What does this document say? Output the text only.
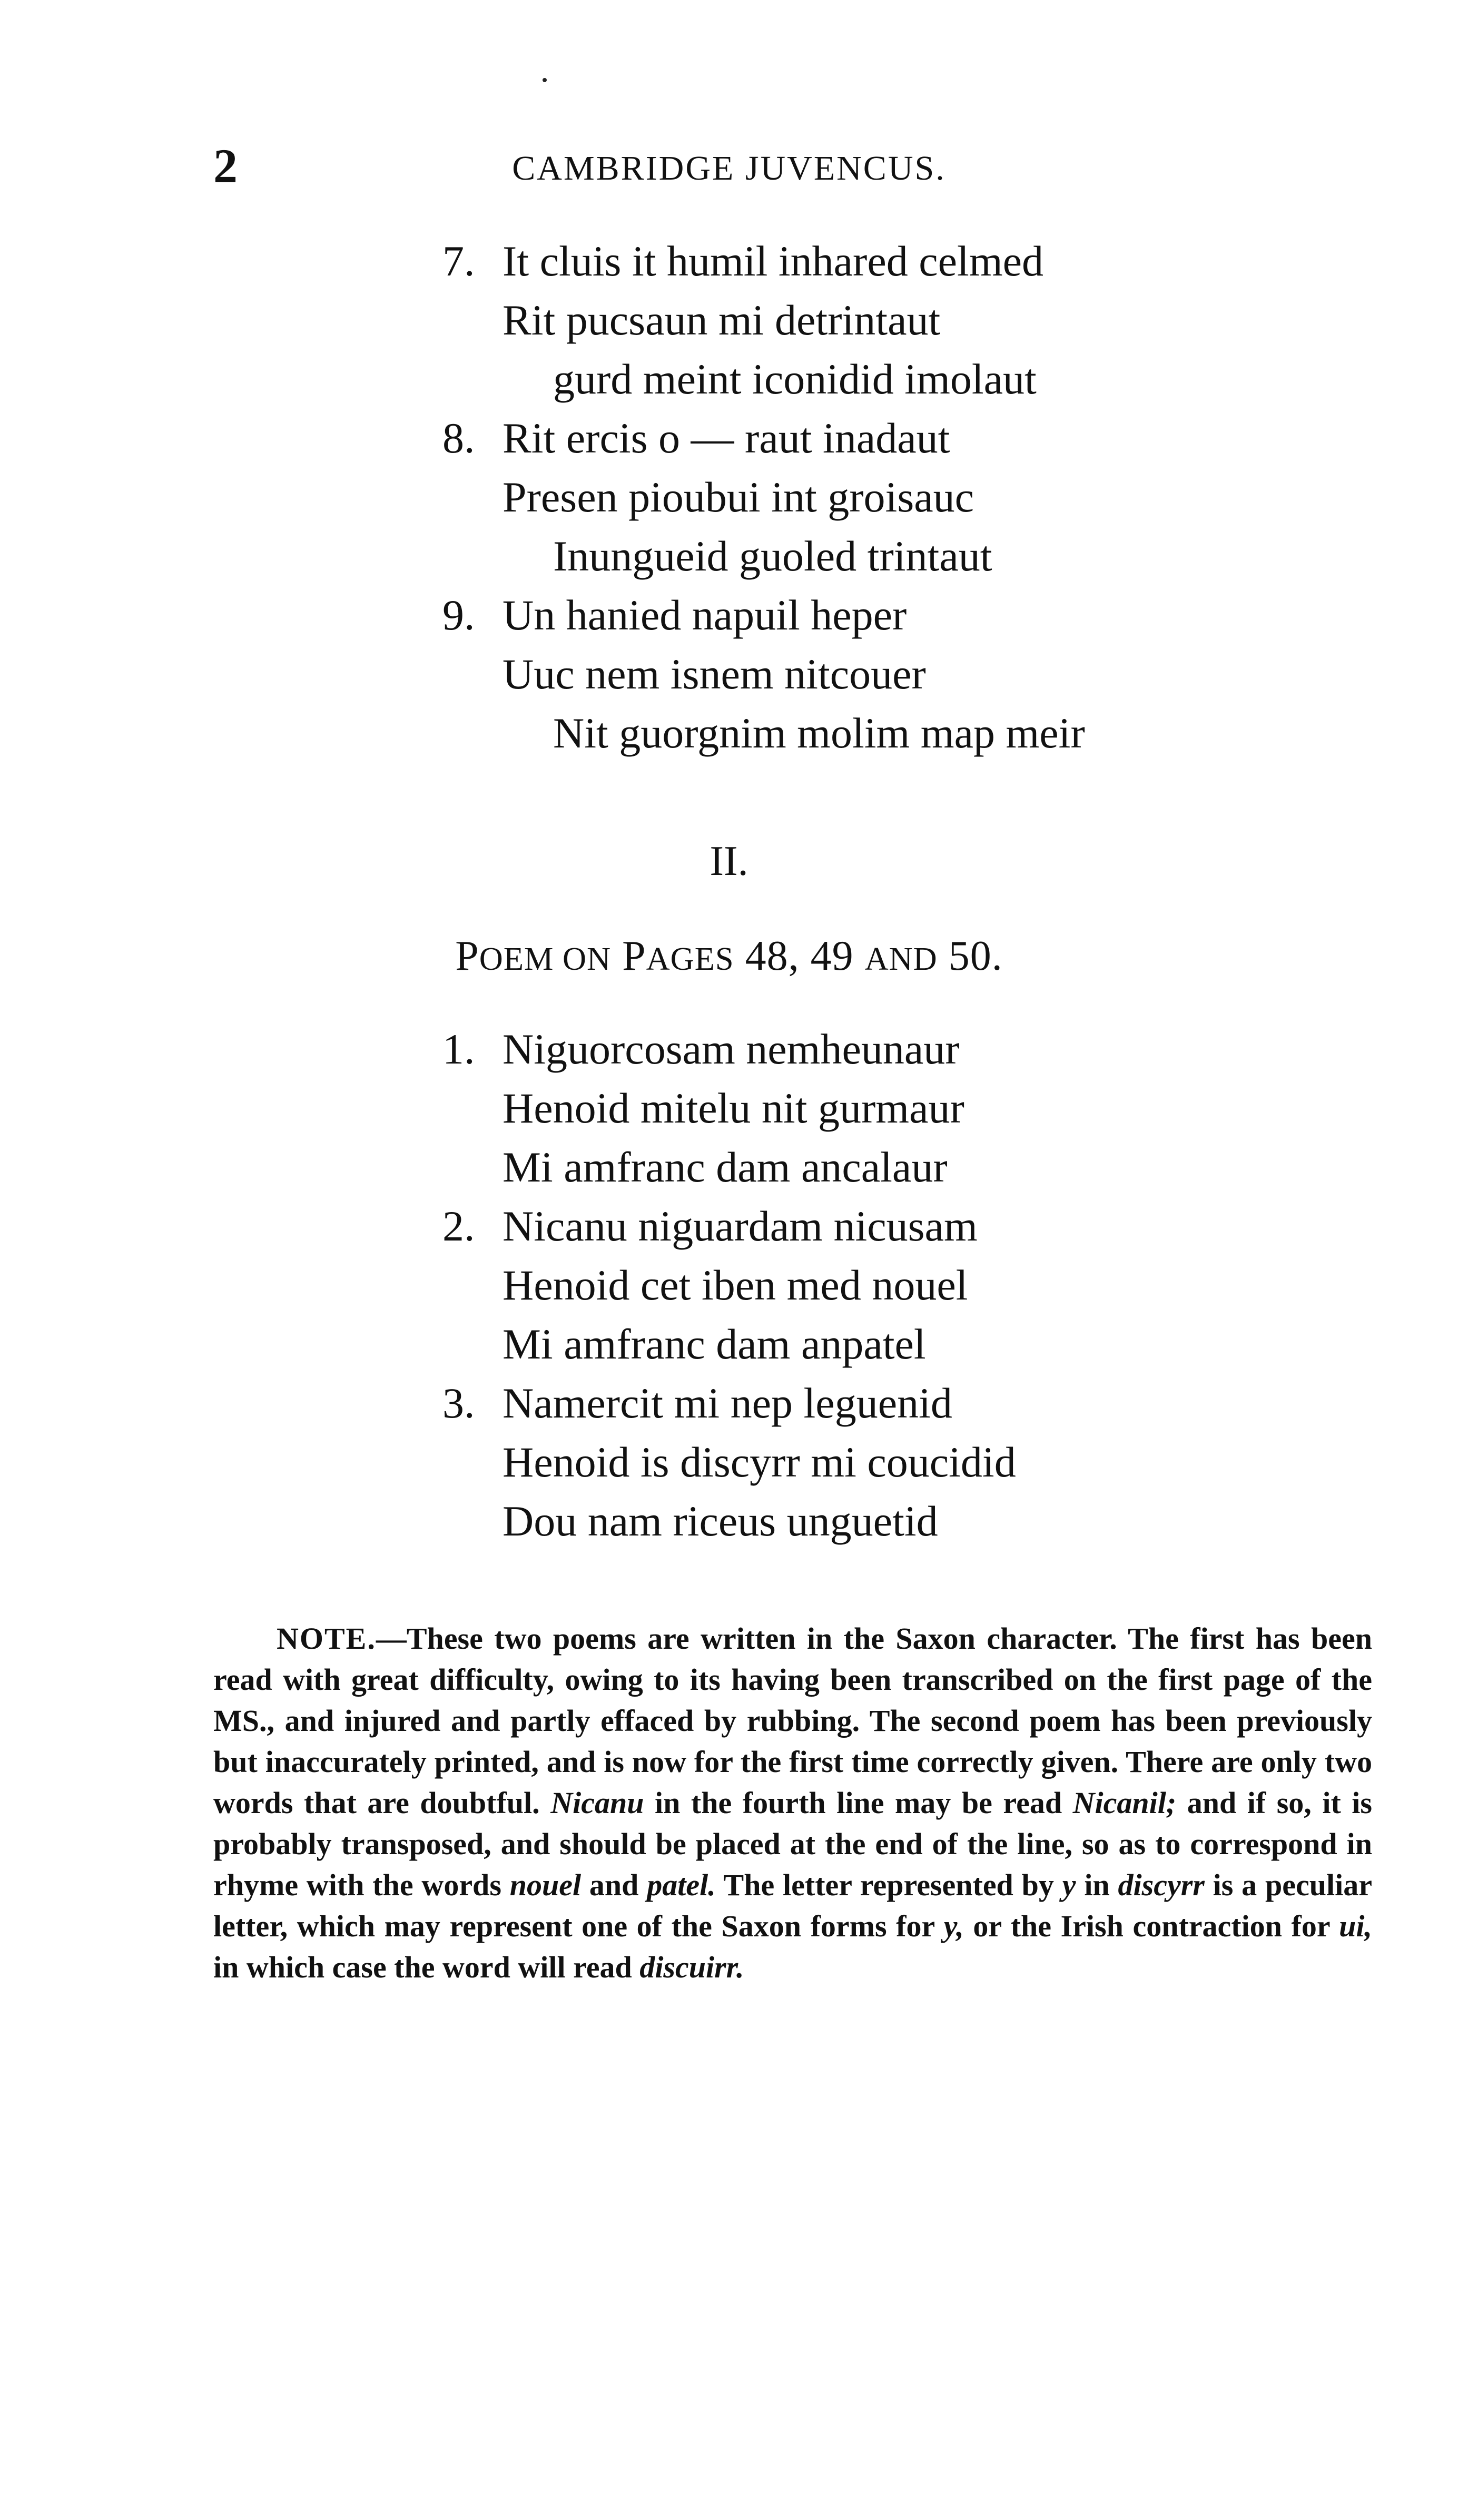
2	CAMBRIDGE JUVENCUS.
7. It cluis it humil inhared celmed
Rit pucsaun mi detrintaut
gurd meint iconidid imolaut
8. Rit ercis o — raut inadaut
Presen pioubui int groisauc
Inungueid guoled trintaut
9. Un hanied napuil heper
Uuc nem isnem nitcouer
Nit guorgnim molim map meir
II.
POEM ON PAGES 48, 49 AND 50.
1. Niguorcosam nemheunaur
Henoid mitelu nit gurmaur
Mi amfranc dam ancalaur
2. Nicanu niguardam nicusam
Henoid cet iben med nouel
Mi amfranc dam anpatel
3. Namercit mi nep leguenid
Henoid is discyrr mi coucidid
Dou nam riceus unguetid
NOTE.—These two poems are written in the Saxon character. The first has been read with great difficulty, owing to its having been transcribed on the first page of the MS., and injured and partly effaced by rubbing. The second poem has been previously but inaccurately printed, and is now for the first time correctly given. There are only two words that are doubtful. Nicanu in the fourth line may be read Nicanil; and if so, it is probably transposed, and should be placed at the end of the line, so as to correspond in rhyme with the words nouel and patel. The letter represented by y in discyrr is a peculiar letter, which may represent one of the Saxon forms for y, or the Irish contraction for ui, in which case the word will read discuirr.
